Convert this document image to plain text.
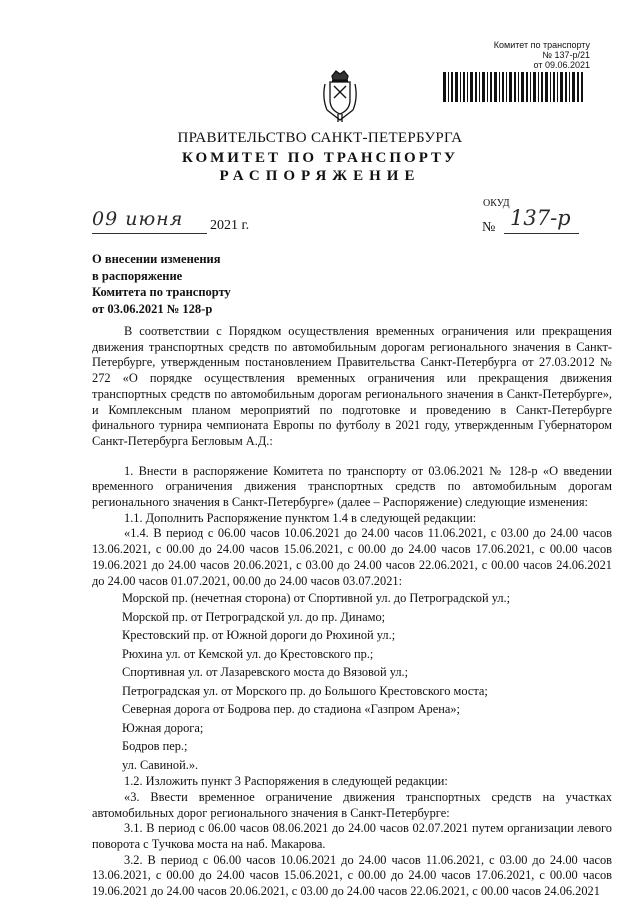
Комитет по транспорту
№ 137-р/21
от 09.06.2021
ПРАВИТЕЛЬСТВО САНКТ-ПЕТЕРБУРГА
КОМИТЕТ ПО ТРАНСПОРТУ
РАСПОРЯЖЕНИЕ
ОКУД
09 июня 2021 г.	№ 137-р
О внесении изменения
в распоряжение
Комитета по транспорту
от 03.06.2021 № 128-р

В соответствии с Порядком осуществления временных ограничения или прекращения движения транспортных средств по автомобильным дорогам регионального значения в Санкт-Петербурге, утвержденным постановлением Правительства Санкт-Петербурга от 27.03.2012 № 272 «О порядке осуществления временных ограничения или прекращения движения транспортных средств по автомобильным дорогам регионального значения в Санкт-Петербурге», и Комплексным планом мероприятий по подготовке и проведению в Санкт-Петербурге финального турнира чемпионата Европы по футболу в 2021 году, утвержденным Губернатором Санкт-Петербурга Бегловым А.Д.:

1. Внести в распоряжение Комитета по транспорту от 03.06.2021 № 128-р «О введении временного ограничения движения транспортных средств по автомобильным дорогам регионального значения в Санкт-Петербурге» (далее – Распоряжение) следующие изменения:

1.1. Дополнить Распоряжение пунктом 1.4 в следующей редакции:

«1.4. В период с 06.00 часов 10.06.2021 до 24.00 часов 11.06.2021, с 03.00 до 24.00 часов 13.06.2021, с 00.00 до 24.00 часов 15.06.2021, с 00.00 до 24.00 часов 17.06.2021, с 00.00 часов 19.06.2021 до 24.00 часов 20.06.2021, с 03.00 до 24.00 часов 22.06.2021, с 00.00 часов 24.06.2021 до 24.00 часов 01.07.2021, 00.00 до 24.00 часов 03.07.2021:

Морской пр. (нечетная сторона) от Спортивной ул. до Петроградской ул.;
Морской пр. от Петроградской ул. до пр. Динамо;
Крестовский пр. от Южной дороги до Рюхиной ул.;
Рюхина ул. от Кемской ул. до Крестовского пр.;
Спортивная ул. от Лазаревского моста до Вязовой ул.;
Петроградская ул. от Морского пр. до Большого Крестовского моста;
Северная дорога от Бодрова пер. до стадиона «Газпром Арена»;
Южная дорога;
Бодров пер.;
ул. Савиной.».

1.2. Изложить пункт 3 Распоряжения в следующей редакции:

«3. Ввести временное ограничение движения транспортных средств на участках автомобильных дорог регионального значения в Санкт-Петербурге:

3.1. В период с 06.00 часов 08.06.2021 до 24.00 часов 02.07.2021 путем организации левого поворота с Тучкова моста на наб. Макарова.

3.2. В период с 06.00 часов 10.06.2021 до 24.00 часов 11.06.2021, с 03.00 до 24.00 часов 13.06.2021, с 00.00 до 24.00 часов 15.06.2021, с 00.00 до 24.00 часов 17.06.2021, с 00.00 часов 19.06.2021 до 24.00 часов 20.06.2021, с 03.00 до 24.00 часов 22.06.2021, с 00.00 часов 24.06.2021
